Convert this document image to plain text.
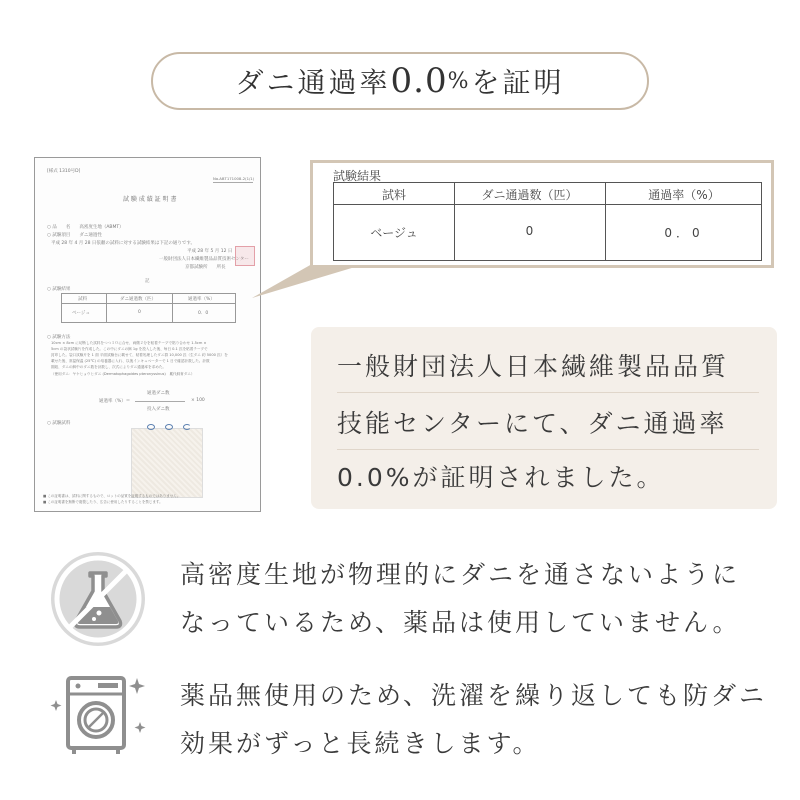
ダニ通過率 0.0 % を証明
[様式 1310号D]
No.ABT171008-2(1/1)
試 験 成 績 証 明 書
○ 品　　名　　高密度生地（ABMT）
○ 試験項目　　ダニ通過性
平成 28 年 4 月 28 日依頼の試料に対する試験結果は下記の通りです。
平成 28 年 5 月 12 日
一般財団法人日本繊維製品品質技術センター
京都試験所　　所長
記
○ 試験結果
試料	ダニ通過数（匹）	通過率（%）
ベージュ	0	0．0
○ 試験方法
10cm × 8cm に切断した試料をつつ１０に合せ、両側２分を粘着テープで貼り合わせ 1.5cm ×
5cm の袋状試験片を作成した。この中にダニの餌 1g を投入した後、毎日 0.1 匹を粘着テープで
封印した。袋口試験片を 1 面 平面試験台に載せて、粘着処理したダニ群 10,000 匹（生ダニ 約 5000 匹）を
載せた後、常温保温 (25℃) の培養器に入れ、以後インキュベーターで 1 日で確認計数した。計数
期総、ダニの餌中のダニ数を計数し、次式によりダニ通過率を求めた。
（使用ダニ：ヤケヒョウヒダニ (Dermatophagoides pteronyssinus)　累代飼育ダニ）
通過ダニ数
通過率（%）＝	× 100
投入ダニ数
○ 試験試料
■ この証明書は、試料に関するもので、ロットの品質を証明するものではありません。
■ この証明書を無断で複製したり、広告に使用したりすることを禁じます。
試験結果
試料	ダニ通過数（匹）	通過率（%）
ベージュ	0	0．0
一般財団法人日本繊維製品品質
技能センターにて、ダニ通過率
0.0%が証明されました。
高密度生地が物理的にダニを通さないように
なっているため、薬品は使用していません。
薬品無使用のため、洗濯を繰り返しても防ダニ
効果がずっと長続きします。
